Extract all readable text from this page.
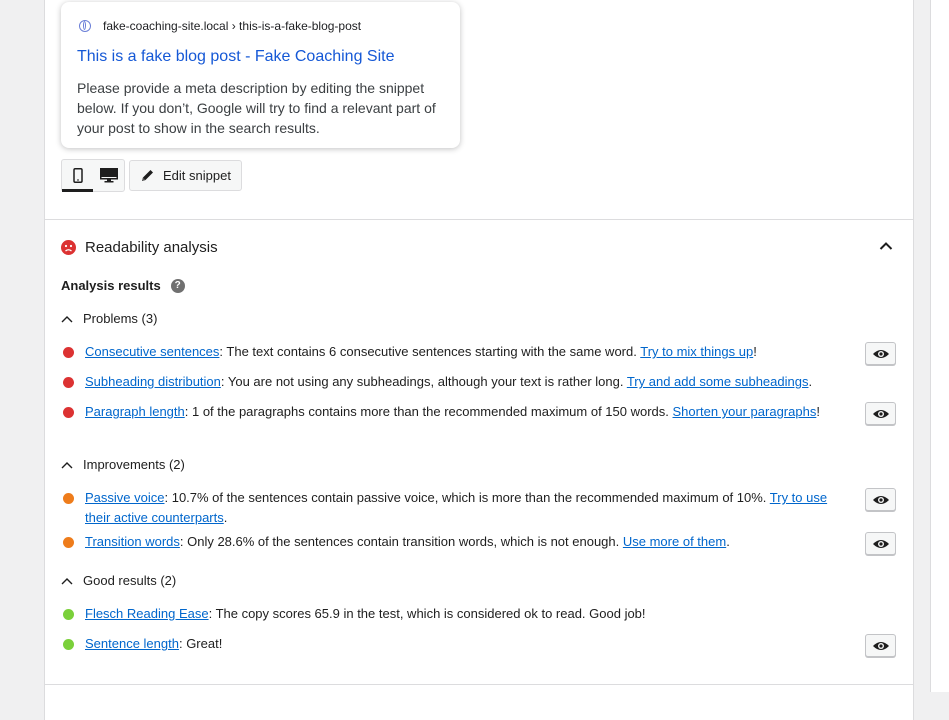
fake-coaching-site.local › this-is-a-fake-blog-post
This is a fake blog post - Fake Coaching Site
Please provide a meta description by editing the snippet below. If you don’t, Google will try to find a relevant part of your post to show in the search results.
Edit snippet
Readability analysis
Analysis results	?
Problems (3)
Consecutive sentences: The text contains 6 consecutive sentences starting with the same word. Try to mix things up!
Subheading distribution: You are not using any subheadings, although your text is rather long. Try and add some subheadings.
Paragraph length: 1 of the paragraphs contains more than the recommended maximum of 150 words. Shorten your paragraphs!
Improvements (2)
Passive voice: 10.7% of the sentences contain passive voice, which is more than the recommended maximum of 10%. Try to use their active counterparts.
Transition words: Only 28.6% of the sentences contain transition words, which is not enough. Use more of them.
Good results (2)
Flesch Reading Ease: The copy scores 65.9 in the test, which is considered ok to read. Good job!
Sentence length: Great!
